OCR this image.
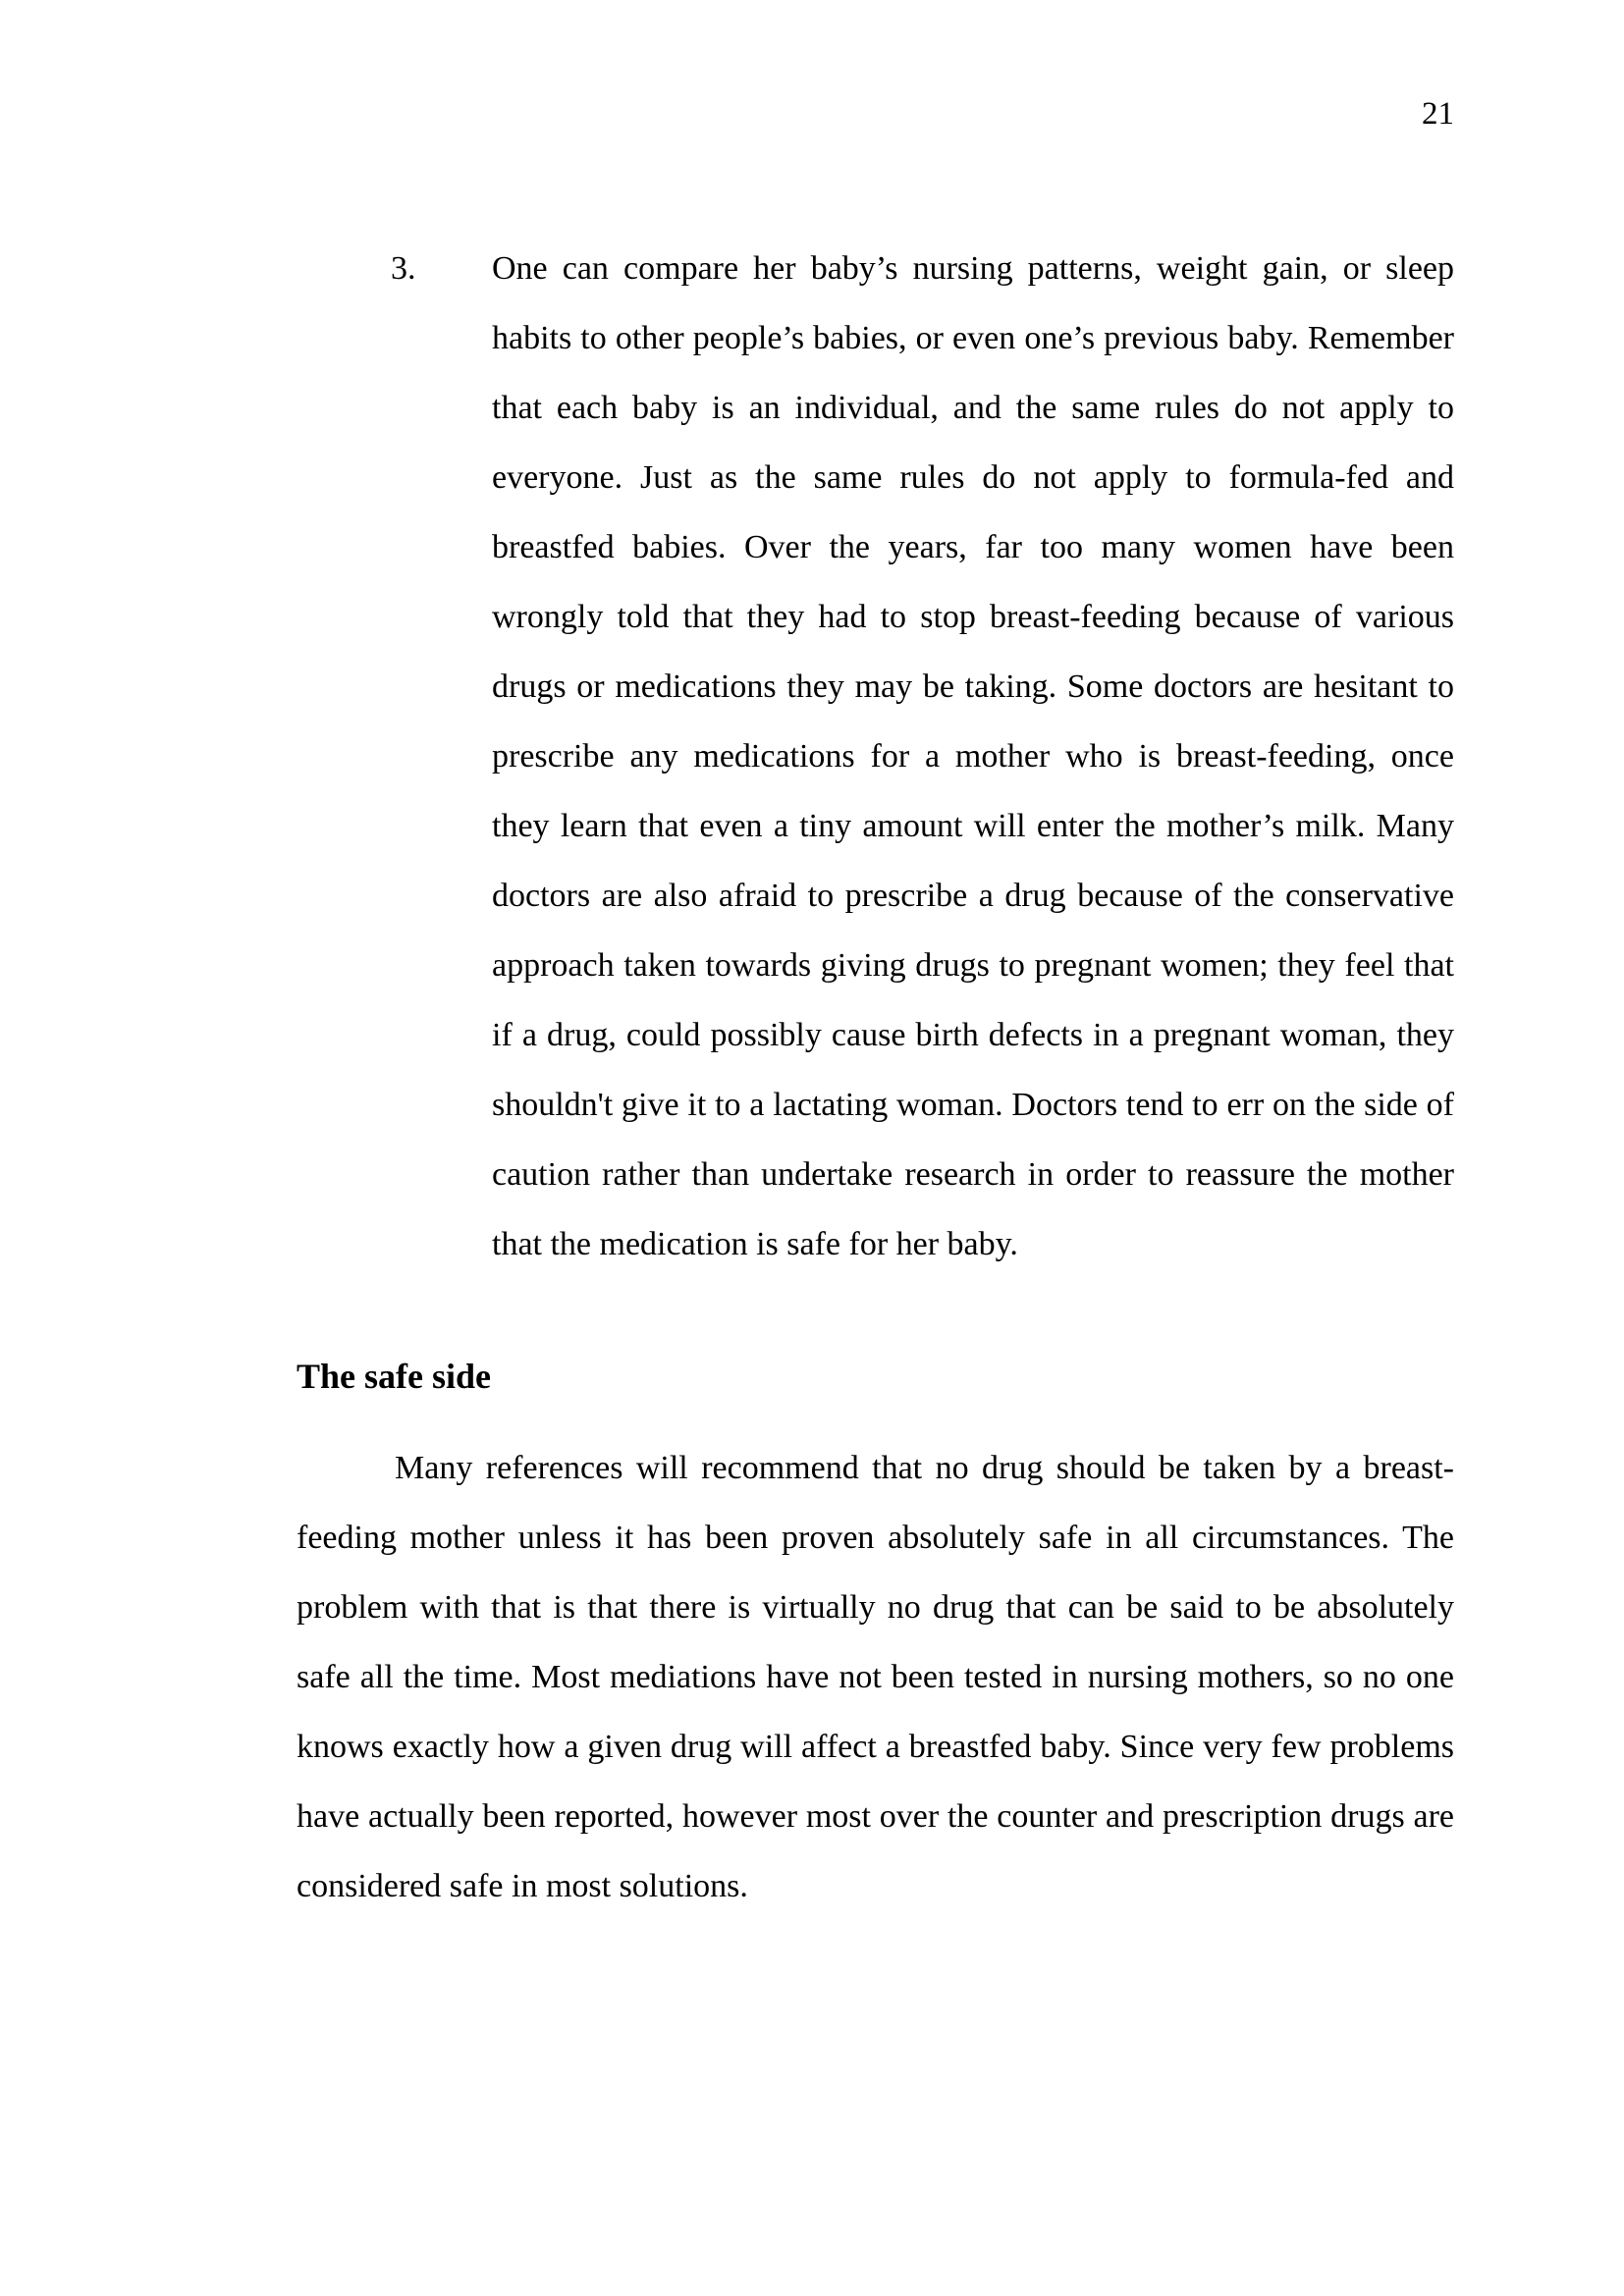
21
3. One can compare her baby’s nursing patterns, weight gain, or sleep habits to other people’s babies, or even one’s previous baby. Remember that each baby is an individual, and the same rules do not apply to everyone. Just as the same rules do not apply to formula-fed and breastfed babies. Over the years, far too many women have been wrongly told that they had to stop breast-feeding because of various drugs or medications they may be taking. Some doctors are hesitant to prescribe any medications for a mother who is breast-feeding, once they learn that even a tiny amount will enter the mother’s milk. Many doctors are also afraid to prescribe a drug because of the conservative approach taken towards giving drugs to pregnant women; they feel that if a drug, could possibly cause birth defects in a pregnant woman, they shouldn't give it to a lactating woman. Doctors tend to err on the side of caution rather than undertake research in order to reassure the mother that the medication is safe for her baby.
The safe side

Many references will recommend that no drug should be taken by a breast-feeding mother unless it has been proven absolutely safe in all circumstances. The problem with that is that there is virtually no drug that can be said to be absolutely safe all the time. Most mediations have not been tested in nursing mothers, so no one knows exactly how a given drug will affect a breastfed baby. Since very few problems have actually been reported, however most over the counter and prescription drugs are considered safe in most solutions.
